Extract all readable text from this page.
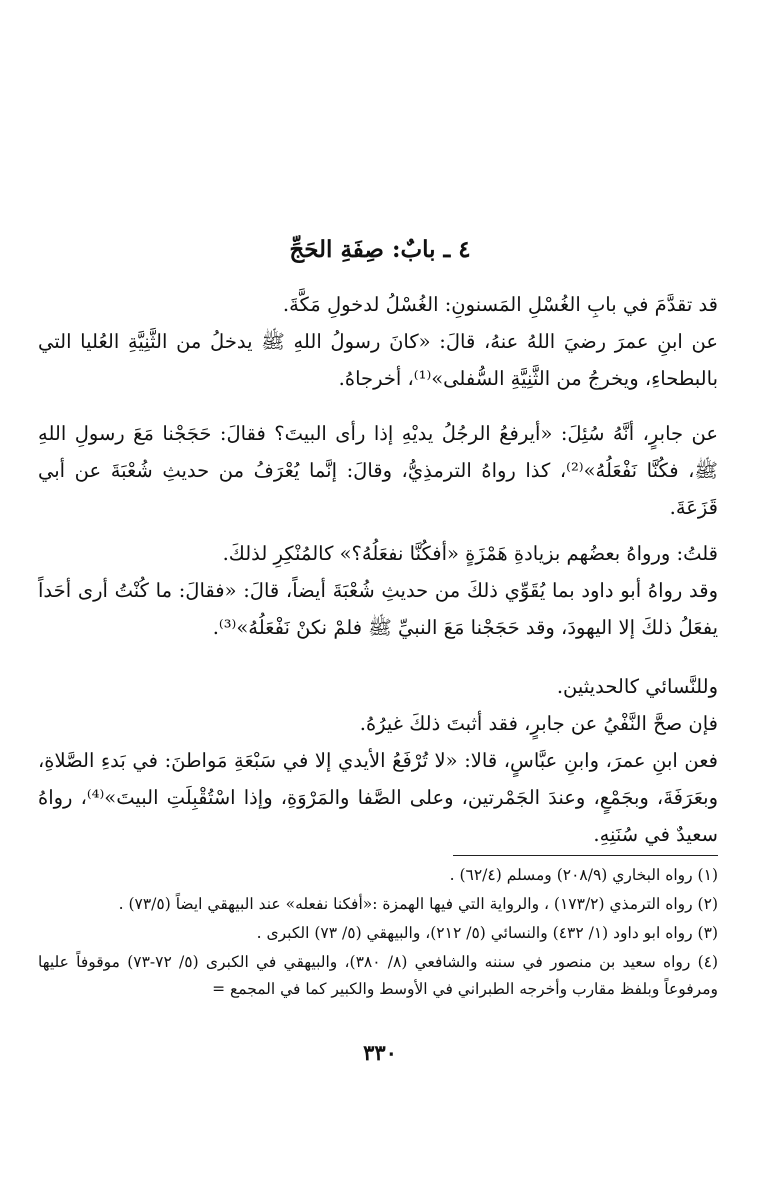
٤ ـ بابٌ: صِفَةِ الحَجِّ

قد تقدَّمَ في بابِ الغُسْلِ المَسنونِ: الغُسْلُ لدخولِ مَكَّةَ.

عن ابنِ عمرَ رضيَ اللهُ عنهُ، قالَ: «كانَ رسولُ اللهِ ﷺ يدخلُ من الثَّنِيَّةِ العُليا التي بالبطحاءِ، ويخرجُ من الثَّنِيَّةِ السُّفلى»⁽¹⁾، أخرجاهُ.

عن جابرٍ، أنَّهُ سُئِلَ: «أيرفعُ الرجُلُ يديْهِ إذا رأى البيتَ؟ فقالَ: حَجَجْنا مَعَ رسولِ اللهِ ﷺ، فكُنَّا نَفْعَلُهُ»⁽²⁾، كذا رواهُ الترمذِيُّ، وقالَ: إنَّما يُعْرَفُ من حديثِ شُعْبَةَ عن أبي قَزَعَةَ.

قلتُ: ورواهُ بعضُهم بزيادةِ هَمْزَةٍ «أفكُنَّا نفعَلُهُ؟» كالمُنْكِرِ لذلكَ.

وقد رواهُ أبو داود بما يُقَوِّي ذلكَ من حديثِ شُعْبَةَ أيضاً، قالَ: «فقالَ: ما كُنْتُ أرى أحَداً يفعَلُ ذلكَ إلا اليهودَ، وقد حَجَجْنا مَعَ النبيِّ ﷺ فلمْ نكنْ نَفْعَلُهُ»⁽³⁾.

وللنَّسائي كالحديثين.

فإن صحَّ النَّفْيُ عن جابرٍ، فقد أثبتَ ذلكَ غيرُهُ.

فعن ابنِ عمرَ، وابنِ عبَّاسٍ، قالا: «لا تُرْفَعُ الأيدي إلا في سَبْعَةِ مَواطنَ: في بَدءِ الصَّلاةِ، وبعَرَفَةَ، وبجَمْعٍ، وعندَ الجَمْرتين، وعلى الصَّفا والمَرْوَةِ، وإذا اسْتُقْبِلَتِ البيتَ»⁽⁴⁾، رواهُ سعيدٌ في سُنَنِهِ.

(١) رواه البخاري (٢٠٨/٩) ومسلم (٦٢/٤) .

(٢) رواه الترمذي (١٧٣/٢) ، والرواية التي فيها الهمزة :«أفكنا نفعله» عند البيهقي ايضاً (٧٣/٥) .

(٣) رواه ابو داود (١/ ٤٣٢) والنسائي (٥/ ٢١٢)، والبيهقي (٥/ ٧٣) الكبرى .

(٤) رواه سعيد بن منصور في سننه والشافعي (٨/ ٣٨٠)، والبيهقي في الكبرى (٥/ ٧٢-٧٣) موقوفاً عليها ومرفوعاً وبلفظ مقارب وأخرجه الطبراني في الأوسط والكبير كما في المجمع =

٣٣٠
